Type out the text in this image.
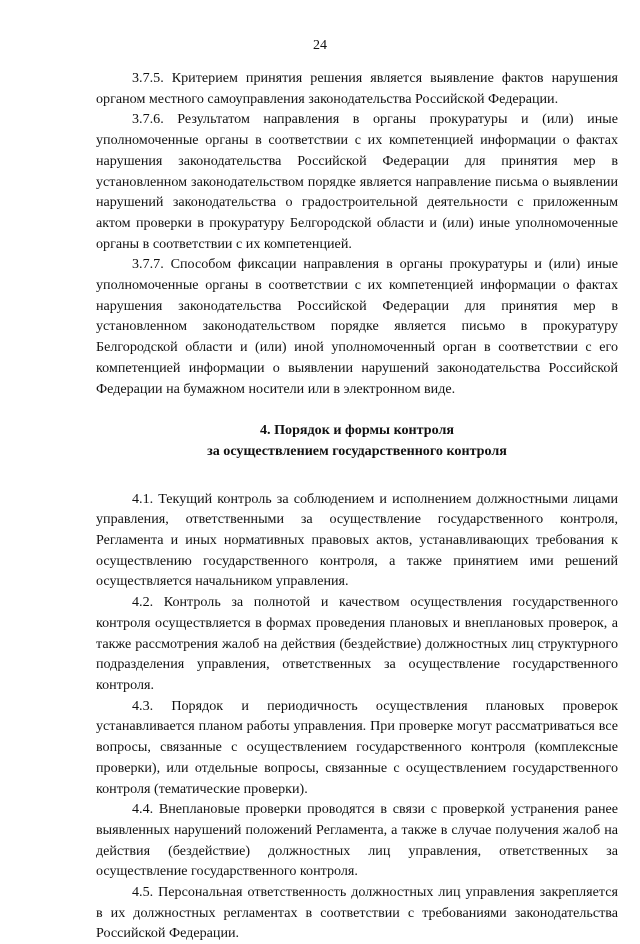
24

3.7.5. Критерием принятия решения является выявление фактов нарушения органом местного самоуправления законодательства Российской Федерации.

3.7.6. Результатом направления в органы прокуратуры и (или) иные уполномоченные органы в соответствии с их компетенцией информации о фактах нарушения законодательства Российской Федерации для принятия мер в установленном законодательством порядке является направление письма о выявлении нарушений законодательства о градостроительной деятельности с приложенным актом проверки в прокуратуру Белгородской области и (или) иные уполномоченные органы в соответствии с их компетенцией.

3.7.7. Способом фиксации направления в органы прокуратуры и (или) иные уполномоченные органы в соответствии с их компетенцией информации о фактах нарушения законодательства Российской Федерации для принятия мер в установленном законодательством порядке является письмо в прокуратуру Белгородской области и (или) иной уполномоченный орган в соответствии с его компетенцией информации о выявлении нарушений законодательства Российской Федерации на бумажном носители или в электронном виде.

4. Порядок и формы контроля
за осуществлением государственного контроля

4.1. Текущий контроль за соблюдением и исполнением должностными лицами управления, ответственными за осуществление государственного контроля, Регламента и иных нормативных правовых актов, устанавливающих требования к осуществлению государственного контроля, а также принятием ими решений осуществляется начальником управления.

4.2. Контроль за полнотой и качеством осуществления государственного контроля осуществляется в формах проведения плановых и внеплановых проверок, а также рассмотрения жалоб на действия (бездействие) должностных лиц структурного подразделения управления, ответственных за осуществление государственного контроля.

4.3. Порядок и периодичность осуществления плановых проверок устанавливается планом работы управления. При проверке могут рассматриваться все вопросы, связанные с осуществлением государственного контроля (комплексные проверки), или отдельные вопросы, связанные с осуществлением государственного контроля (тематические проверки).

4.4. Внеплановые проверки проводятся в связи с проверкой устранения ранее выявленных нарушений положений Регламента, а также в случае получения жалоб на действия (бездействие) должностных лиц управления, ответственных за осуществление государственного контроля.

4.5. Персональная ответственность должностных лиц управления закрепляется в их должностных регламентах в соответствии с требованиями законодательства Российской Федерации.
